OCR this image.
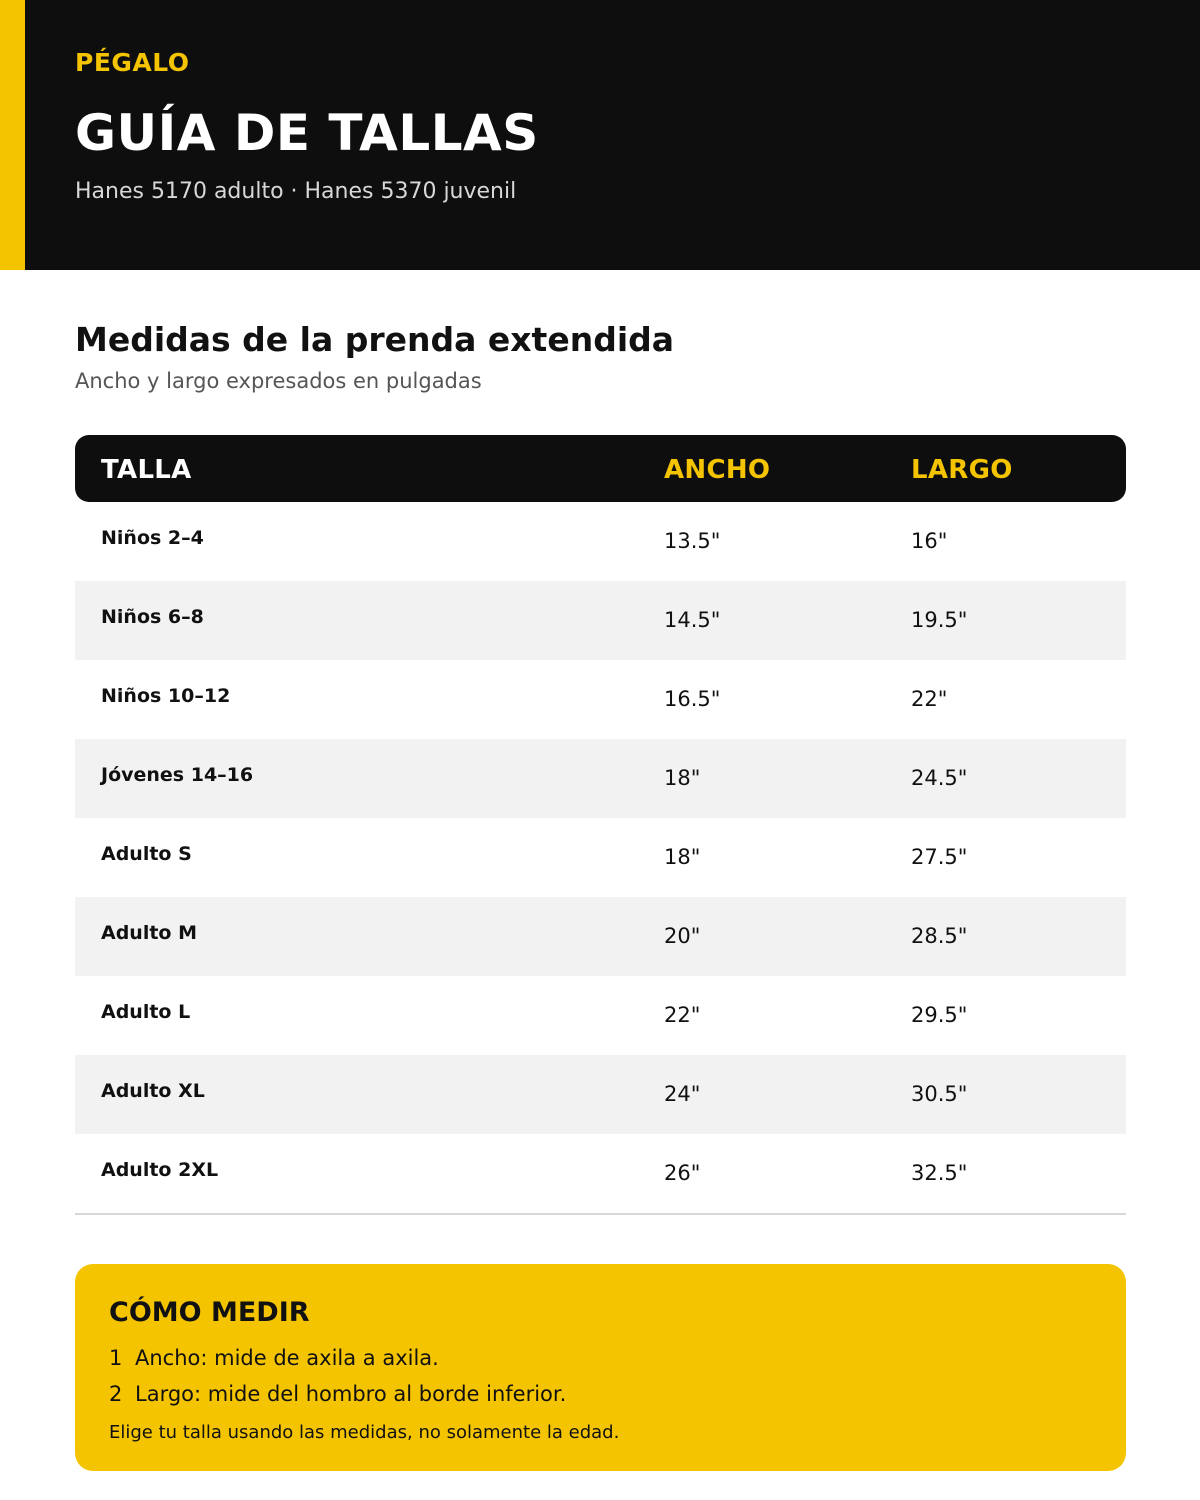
PÉGALO
GUÍA DE TALLAS
Hanes 5170 adulto · Hanes 5370 juvenil
Medidas de la prenda extendida
Ancho y largo expresados en pulgadas
TALLA	ANCHO	LARGO
Niños 2–4	13.5"	16"
Niños 6–8	14.5"	19.5"
Niños 10–12	16.5"	22"
Jóvenes 14–16	18"	24.5"
Adulto S	18"	27.5"
Adulto M	20"	28.5"
Adulto L	22"	29.5"
Adulto XL	24"	30.5"
Adulto 2XL	26"	32.5"
CÓMO MEDIR
1 Ancho: mide de axila a axila.
2 Largo: mide del hombro al borde inferior.
Elige tu talla usando las medidas, no solamente la edad.
